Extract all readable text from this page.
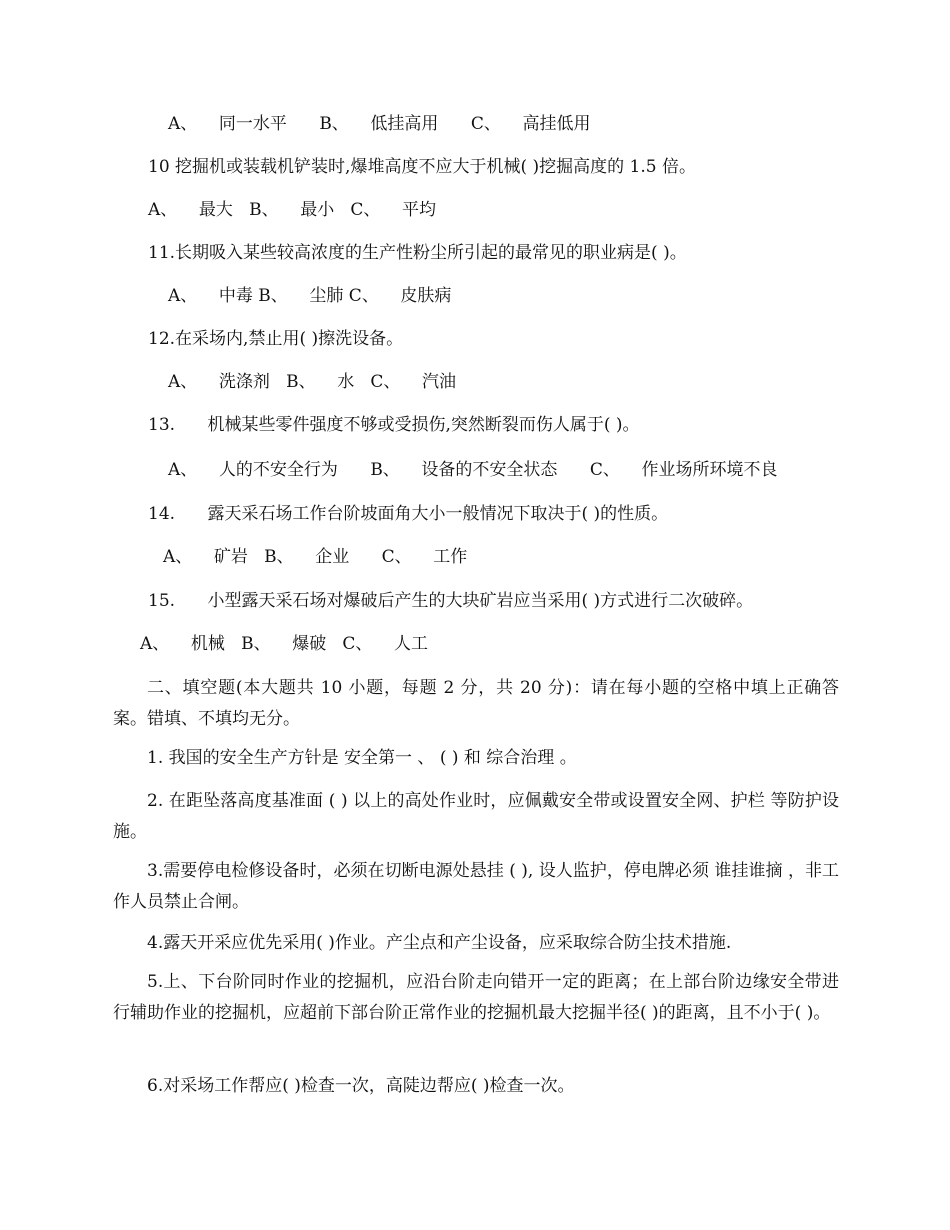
A、    同一水平      B、    低挂高用      C、    高挂低用
10 挖掘机或装载机铲装时,爆堆高度不应大于机械( )挖掘高度的 1.5 倍。
A、    最大   B、    最小   C、    平均
11.长期吸入某些较高浓度的生产性粉尘所引起的最常见的职业病是( )。
A、    中毒 B、    尘肺 C、    皮肤病
12.在采场内,禁止用( )擦洗设备。
A、    洗涤剂   B、    水   C、    汽油
13.      机械某些零件强度不够或受损伤,突然断裂而伤人属于( )。
A、    人的不安全行为      B、    设备的不安全状态      C、    作业场所环境不良
14.      露天采石场工作台阶坡面角大小一般情况下取决于( )的性质。
A、    矿岩   B、    企业      C、    工作
15.      小型露天采石场对爆破后产生的大块矿岩应当采用( )方式进行二次破碎。
A、    机械   B、    爆破   C、    人工
二、填空题(本大题共 10 小题，每题 2 分，共 20 分)：请在每小题的空格中填上正确答案。错填、不填均无分。
1. 我国的安全生产方针是 安全第一 、 ( ) 和 综合治理 。
2. 在距坠落高度基准面 ( ) 以上的高处作业时，应佩戴安全带或设置安全网、护栏 等防护设施。
3.需要停电检修设备时，必须在切断电源处悬挂 ( ), 设人监护，停电牌必须 谁挂谁摘 ，非工作人员禁止合闸。
4.露天开采应优先采用( )作业。产尘点和产尘设备，应采取综合防尘技术措施.
5.上、下台阶同时作业的挖掘机，应沿台阶走向错开一定的距离；在上部台阶边缘安全带进行辅助作业的挖掘机，应超前下部台阶正常作业的挖掘机最大挖掘半径( )的距离，且不小于( )。
6.对采场工作帮应( )检查一次，高陡边帮应( )检查一次。
